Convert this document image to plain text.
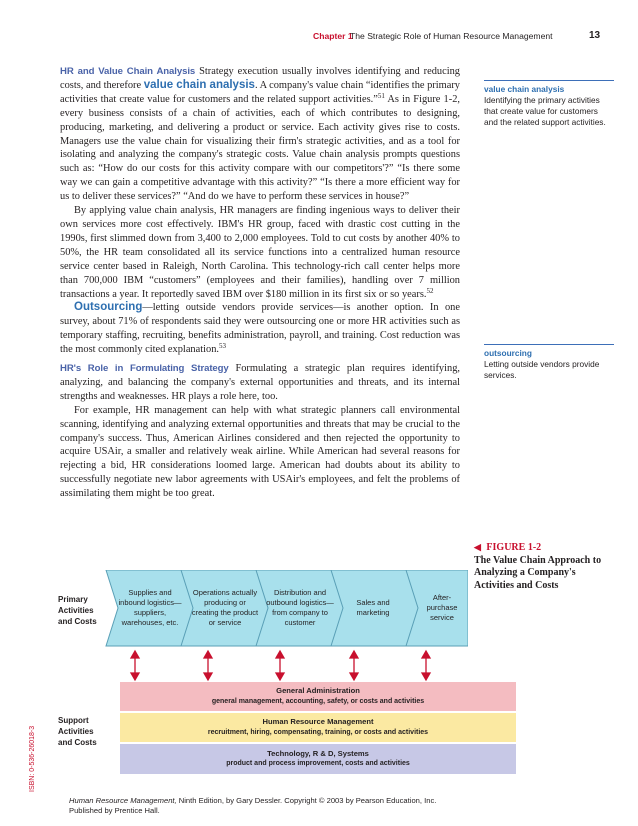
Chapter 1
The Strategic Role of Human Resource Management	13

HR and Value Chain Analysis Strategy execution usually involves identifying and reducing costs, and therefore value chain analysis. A company's value chain “identifies the primary activities that create value for customers and the related support activities.”$^{51}$ As in Figure 1-2, every business consists of a chain of activities, each of which contributes to designing, producing, marketing, and delivering a product or service. Each activity gives rise to costs. Managers use the value chain for visualizing their firm's strategic activities, and as a tool for isolating and analyzing the company's strategic costs. Value chain analysis prompts questions such as: “How do our costs for this activity compare with our competitors'?” “Is there some way we can gain a competitive advantage with this activity?” “Is there a more efficient way for us to deliver these services?” “And do we have to perform these services in house?”

By applying value chain analysis, HR managers are finding ingenious ways to deliver their own services more cost effectively. IBM's HR group, faced with drastic cost cutting in the 1990s, first slimmed down from 3,400 to 2,000 employees. Told to cut costs by another 40% to 50%, the HR team consolidated all its service functions into a centralized human resource service center based in Raleigh, North Carolina. This technology-rich call center helps more than 700,000 IBM “customers” (employees and their families), handling over 7 million transactions a year. It reportedly saved IBM over $180 million in its first six or so years.$^{52}$

Outsourcing—letting outside vendors provide services—is another option. In one survey, about 71% of respondents said they were outsourcing one or more HR activities such as temporary staffing, recruiting, benefits administration, payroll, and training. Cost reduction was the most commonly cited explanation.$^{53}$

HR's Role in Formulating Strategy Formulating a strategic plan requires identifying, analyzing, and balancing the company's external opportunities and threats, and its internal strengths and weaknesses. HR plays a role here, too.

For example, HR management can help with what strategic planners call environmental scanning, identifying and analyzing external opportunities and threats that may be crucial to the company's success. Thus, American Airlines considered and then rejected the opportunity to acquire USAir, a smaller and relatively weak airline. While American had several reasons for rejecting a bid, HR considerations loomed large. American had doubts about its ability to successfully negotiate new labor agreements with USAir's employees, and felt the problems of assimilating them might be too great.

value chain analysis
Identifying the primary activities that create value for customers and the related support activities.
outsourcing
Letting outside vendors provide services.
◀ FIGURE 1-2
The Value Chain Approach to Analyzing a Company's Activities and Costs
Primary Activities and Costs
Support Activities and Costs
Supplies and inbound logistics— suppliers, warehouses, etc.
Operations actually producing or creating the product or service
Distribution and outbound logistics— from company to customer
Sales and marketing
After-purchase service
General Administration
general management, accounting, safety, or costs and activities
Human Resource Management
recruitment, hiring, compensating, training, or costs and activities
Technology, R & D, Systems
product and process improvement, costs and activities
ISBN: 0-536-26018-3
Human Resource Management, Ninth Edition, by Gary Dessler. Copyright © 2003 by Pearson Education, Inc.
Published by Prentice Hall.
